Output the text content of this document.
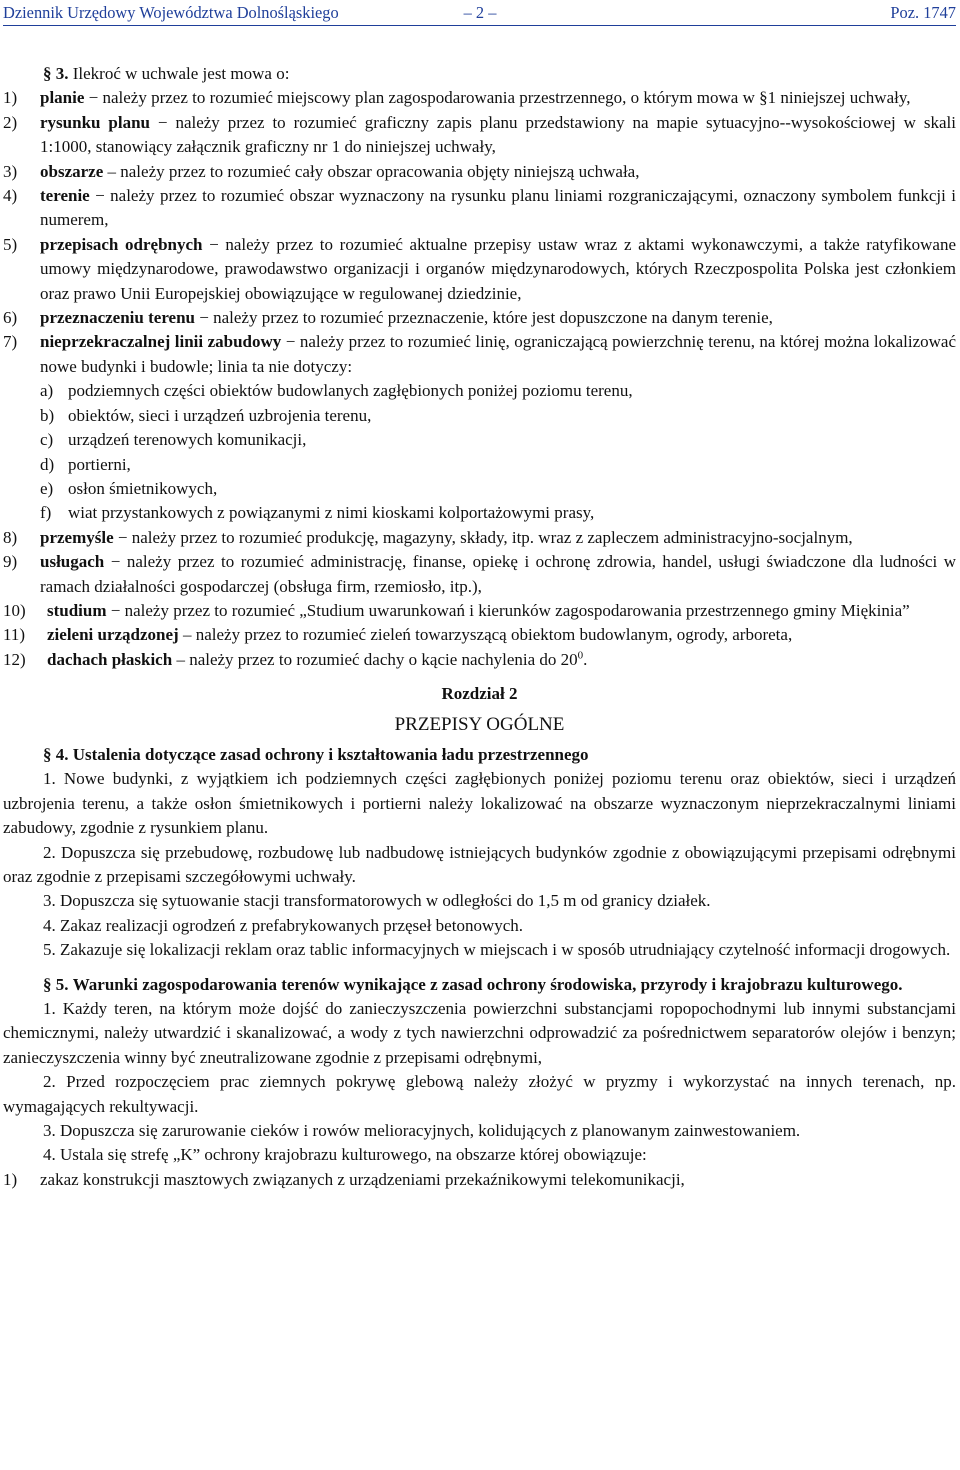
Dziennik Urzędowy Województwa Dolnośląskiego	– 2 –	Poz. 1747

§ 3. Ilekroć w uchwale jest mowa o:

1)	planie − należy przez to rozumieć miejscowy plan zagospodarowania przestrzennego, o którym mowa w §1 niniejszej uchwały,
2)	rysunku planu − należy przez to rozumieć graficzny zapis planu przedstawiony na mapie sytuacyjno--wysokościowej w skali 1:1000, stanowiący załącznik graficzny nr 1 do niniejszej uchwały,
3)	obszarze – należy przez to rozumieć cały obszar opracowania objęty niniejszą uchwała,
4)	terenie − należy przez to rozumieć obszar wyznaczony na rysunku planu liniami rozgraniczającymi, oznaczony symbolem funkcji i numerem,
5)	przepisach odrębnych − należy przez to rozumieć aktualne przepisy ustaw wraz z aktami wykonawczymi, a także ratyfikowane umowy międzynarodowe, prawodawstwo organizacji i organów międzynarodowych, których Rzeczpospolita Polska jest członkiem oraz prawo Unii Europejskiej obowiązujące w regulowanej dziedzinie,
6)	przeznaczeniu terenu − należy przez to rozumieć przeznaczenie, które jest dopuszczone na danym terenie,
7)	nieprzekraczalnej linii zabudowy − należy przez to rozumieć linię, ograniczającą powierzchnię terenu, na której można lokalizować nowe budynki i budowle; linia ta nie dotyczy:
a) podziemnych części obiektów budowlanych zagłębionych poniżej poziomu terenu,
b) obiektów, sieci i urządzeń uzbrojenia terenu,
c) urządzeń terenowych komunikacji,
d) portierni,
e) osłon śmietnikowych,
f) wiat przystankowych z powiązanymi z nimi kioskami kolportażowymi prasy,
8)	przemyśle − należy przez to rozumieć produkcję, magazyny, składy, itp. wraz z zapleczem administracyjno-socjalnym,
9)	usługach − należy przez to rozumieć administrację, finanse, opiekę i ochronę zdrowia, handel, usługi świadczone dla ludności w ramach działalności gospodarczej (obsługa firm, rzemiosło, itp.),
10)	studium − należy przez to rozumieć „Studium uwarunkowań i kierunków zagospodarowania przestrzennego gminy Miękinia”
11)	zieleni urządzonej – należy przez to rozumieć zieleń towarzyszącą obiektom budowlanym, ogrody, arboreta,
12)	dachach płaskich – należy przez to rozumieć dachy o kącie nachylenia do $20^0$.

Rozdział 2

PRZEPISY OGÓLNE

§ 4. Ustalenia dotyczące zasad ochrony i kształtowania ładu przestrzennego

1. Nowe budynki, z wyjątkiem ich podziemnych części zagłębionych poniżej poziomu terenu oraz obiektów, sieci i urządzeń uzbrojenia terenu, a także osłon śmietnikowych i portierni należy lokalizować na obszarze wyznaczonym nieprzekraczalnymi liniami zabudowy, zgodnie z rysunkiem planu.

2. Dopuszcza się przebudowę, rozbudowę lub nadbudowę istniejących budynków zgodnie z obowiązującymi przepisami odrębnymi oraz zgodnie z przepisami szczegółowymi uchwały.

3. Dopuszcza się sytuowanie stacji transformatorowych w odległości do 1,5 m od granicy działek.

4. Zakaz realizacji ogrodzeń z prefabrykowanych przęseł betonowych.

5. Zakazuje się lokalizacji reklam oraz tablic informacyjnych w miejscach i w sposób utrudniający czytelność informacji drogowych.

§ 5. Warunki zagospodarowania terenów wynikające z zasad ochrony środowiska, przyrody i krajobrazu kulturowego.

1. Każdy teren, na którym może dojść do zanieczyszczenia powierzchni substancjami ropopochodnymi lub innymi substancjami chemicznymi, należy utwardzić i skanalizować, a wody z tych nawierzchni odprowadzić za pośrednictwem separatorów olejów i benzyn; zanieczyszczenia winny być zneutralizowane zgodnie z przepisami odrębnymi,

2. Przed rozpoczęciem prac ziemnych pokrywę glebową należy złożyć w pryzmy i wykorzystać na innych terenach, np. wymagających rekultywacji.

3. Dopuszcza się zarurowanie cieków i rowów melioracyjnych, kolidujących z planowanym zainwestowaniem.

4. Ustala się strefę „K” ochrony krajobrazu kulturowego, na obszarze której obowiązuje:

1)	zakaz konstrukcji masztowych związanych z urządzeniami przekaźnikowymi telekomunikacji,
